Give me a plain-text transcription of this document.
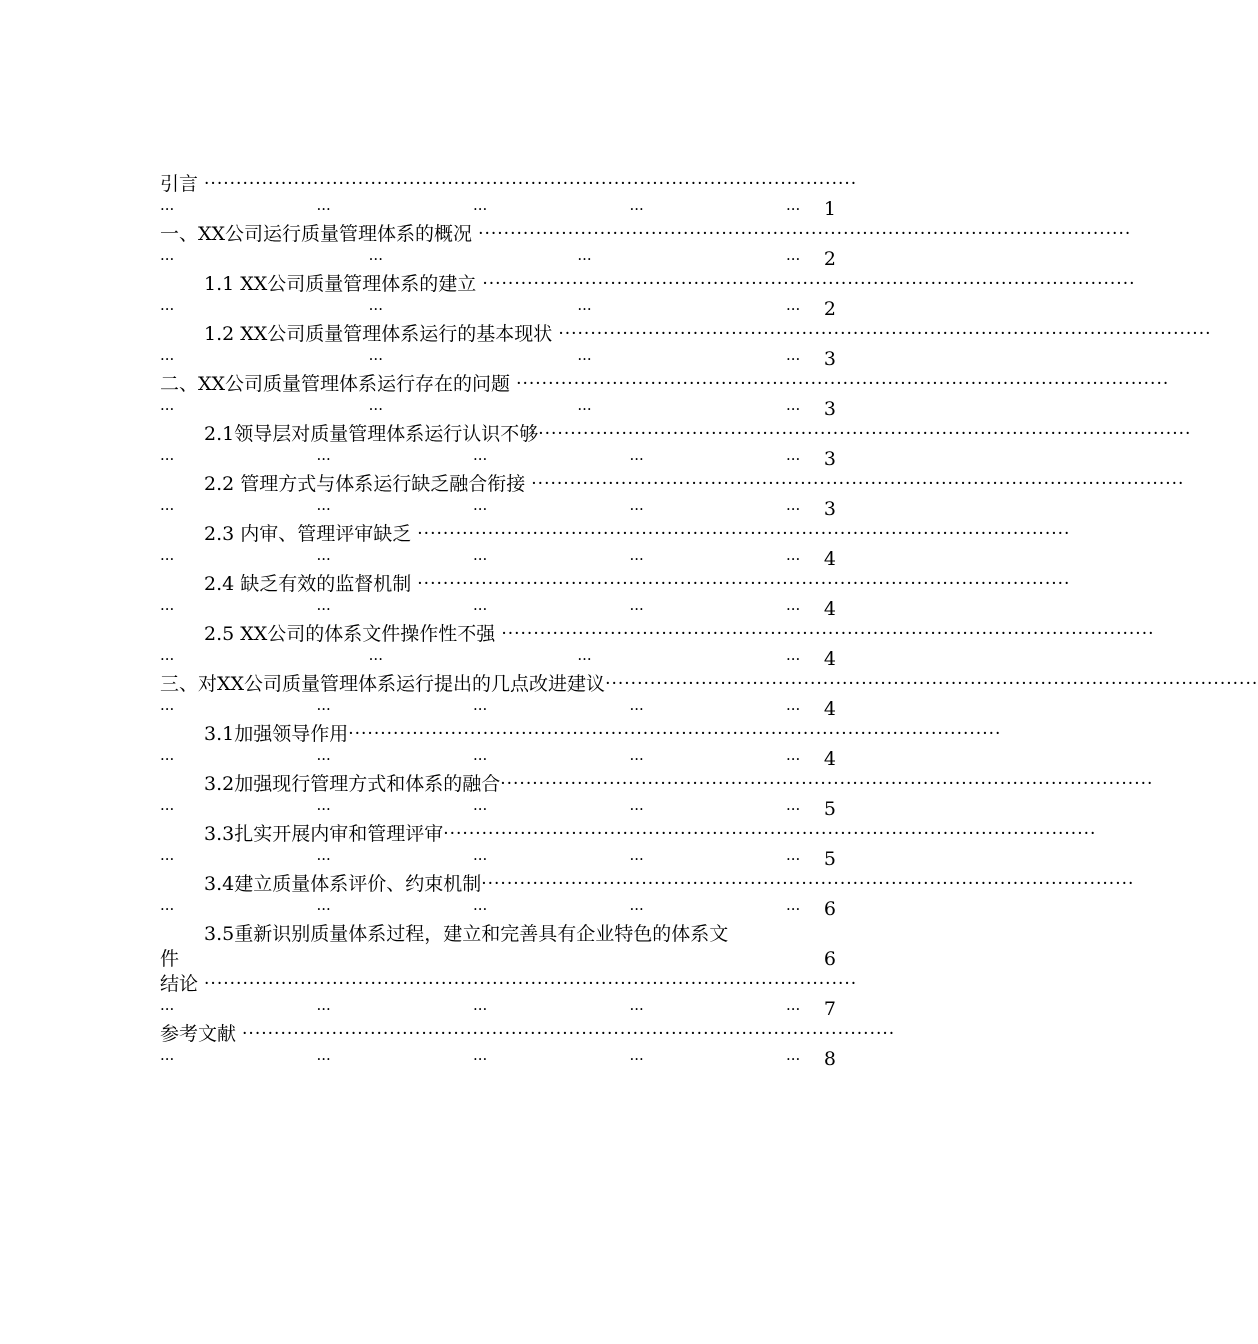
引言 ······································································································
···	···	···	···	···	1
一、XX公司运行质量管理体系的概况 ······································································································
···	···	···	···	2
1.1 XX公司质量管理体系的建立 ······································································································
···	···	···	···	2
1.2 XX公司质量管理体系运行的基本现状 ······································································································
···	···	···	···	3
二、XX公司质量管理体系运行存在的问题 ······································································································
···	···	···	···	3
2.1领导层对质量管理体系运行认识不够 ······································································································
···	···	···	···	···	3
2.2 管理方式与体系运行缺乏融合衔接 ······································································································
···	···	···	···	···	3
2.3 内审、管理评审缺乏 ······································································································
···	···	···	···	···	4
2.4 缺乏有效的监督机制 ······································································································
···	···	···	···	···	4
2.5 XX公司的体系文件操作性不强 ······································································································
···	···	···	···	4
三、对XX公司质量管理体系运行提出的几点改进建议 ······································································································
···	···	···	···	···	4
3.1加强领导作用 ······································································································
···	···	···	···	···	4
3.2加强现行管理方式和体系的融合 ······································································································
···	···	···	···	···	5
3.3扎实开展内审和管理评审 ······································································································
···	···	···	···	···	5
3.4建立质量体系评价、约束机制 ······································································································
···	···	···	···	···	6
3.5重新识别质量体系过程，建立和完善具有企业特色的体系文
件	6
结论 ······································································································
···	···	···	···	···	7
参考文献 ······································································································
···	···	···	···	···	8
